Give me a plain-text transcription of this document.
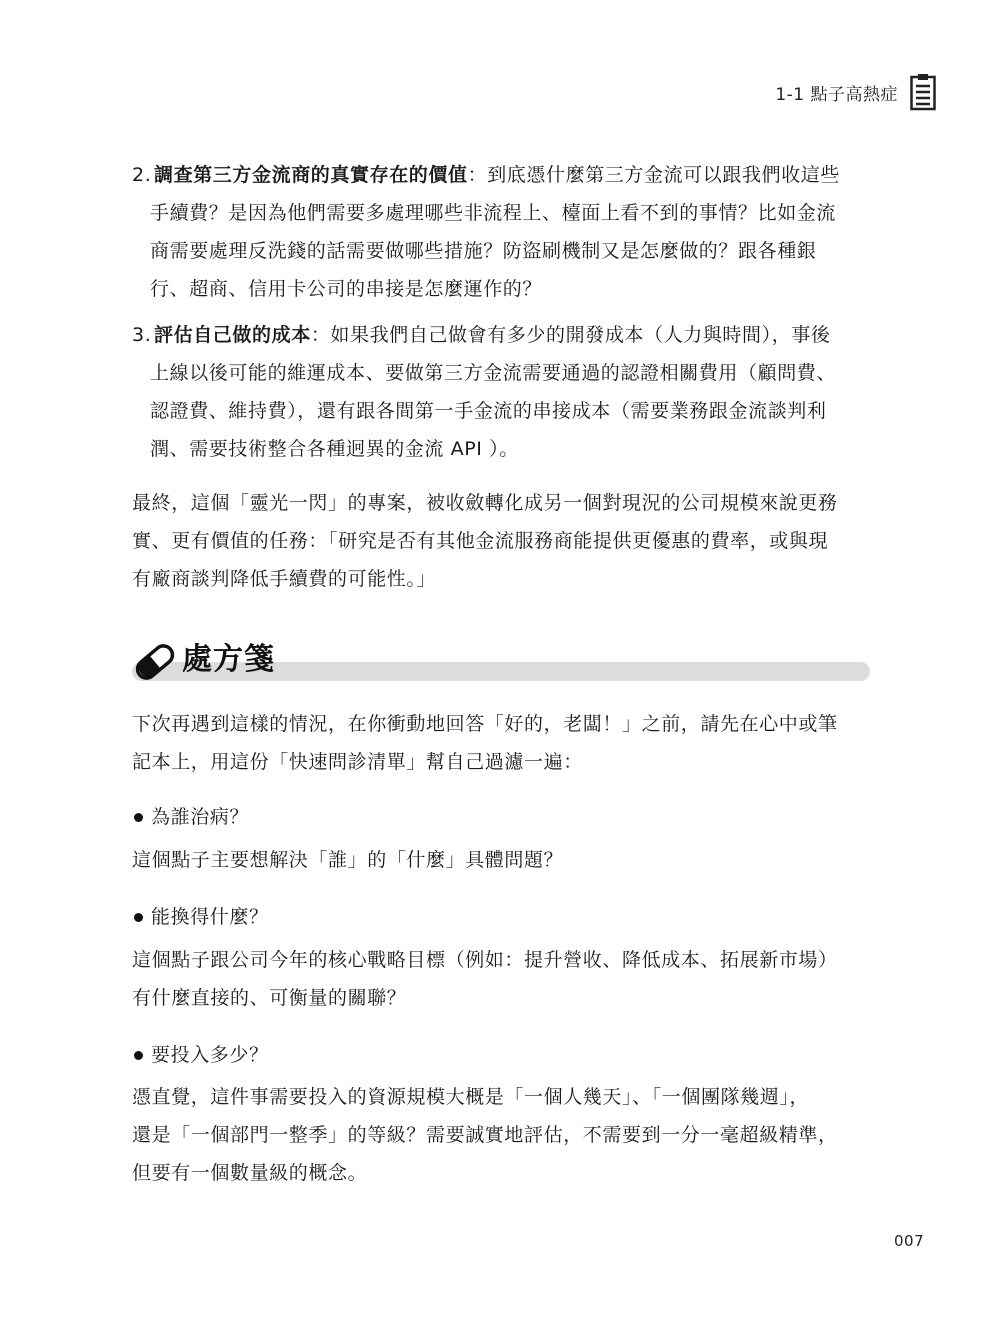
1-1 點子高熱症
2. 調查第三方金流商的真實存在的價值：到底憑什麼第三方金流可以跟我們收這些
手續費？是因為他們需要多處理哪些非流程上、檯面上看不到的事情？比如金流
商需要處理反洗錢的話需要做哪些措施？防盜刷機制又是怎麼做的？跟各種銀
行、超商、信用卡公司的串接是怎麼運作的？
3. 評估自己做的成本：如果我們自己做會有多少的開發成本（人力與時間），事後
上線以後可能的維運成本、要做第三方金流需要通過的認證相關費用（顧問費、
認證費、維持費），還有跟各間第一手金流的串接成本（需要業務跟金流談判利
潤、需要技術整合各種迥異的金流 API ）。
最終，這個「靈光一閃」的專案，被收斂轉化成另一個對現況的公司規模來說更務
實、更有價值的任務：「研究是否有其他金流服務商能提供更優惠的費率，或與現
有廠商談判降低手續費的可能性。」
處方箋
下次再遇到這樣的情況，在你衝動地回答「好的，老闆！」之前，請先在心中或筆
記本上，用這份「快速問診清單」幫自己過濾一遍：
為誰治病？
這個點子主要想解決「誰」的「什麼」具體問題？
能換得什麼？
這個點子跟公司今年的核心戰略目標（例如：提升營收、降低成本、拓展新市場）
有什麼直接的、可衡量的關聯？
要投入多少？
憑直覺，這件事需要投入的資源規模大概是「一個人幾天」、「一個團隊幾週」，
還是「一個部門一整季」的等級？需要誠實地評估，不需要到一分一毫超級精準，
但要有一個數量級的概念。
007
